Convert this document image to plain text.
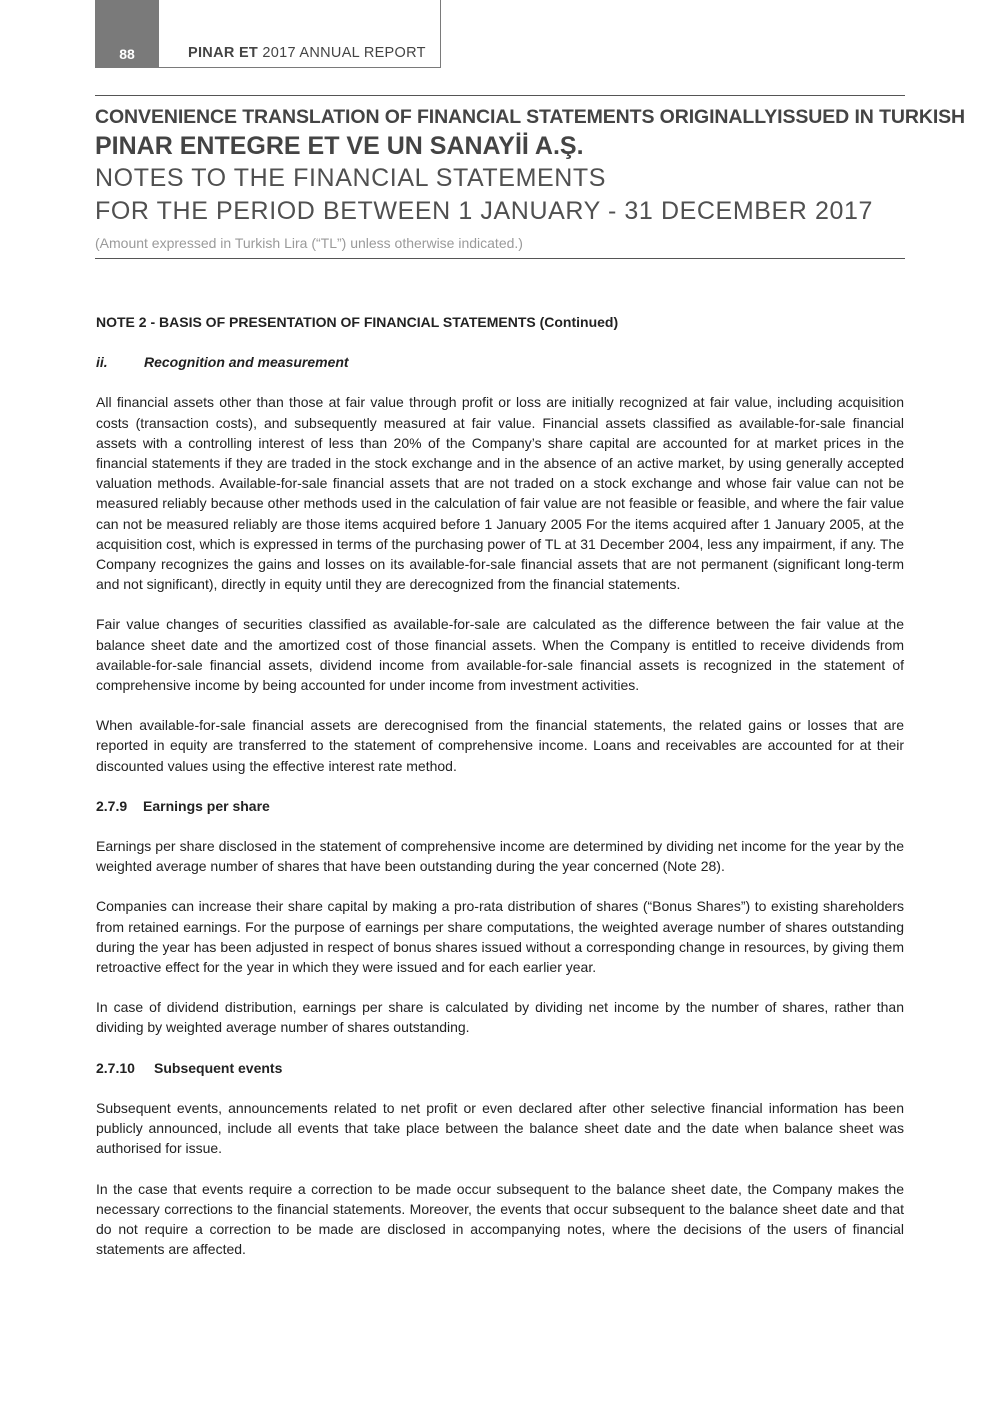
88	PINAR ET 2017 ANNUAL REPORT
CONVENIENCE TRANSLATION OF FINANCIAL STATEMENTS ORIGINALLYISSUED IN TURKISH
PINAR ENTEGRE ET VE UN SANAYİİ A.Ş.
NOTES TO THE FINANCIAL STATEMENTS
FOR THE PERIOD BETWEEN 1 JANUARY - 31 DECEMBER 2017
(Amount expressed in Turkish Lira (“TL”) unless otherwise indicated.)
NOTE 2 - BASIS OF PRESENTATION OF FINANCIAL STATEMENTS (Continued)
ii.	Recognition and measurement

All financial assets other than those at fair value through profit or loss are initially recognized at fair value, including acquisition costs (transaction costs), and subsequently measured at fair value. Financial assets classified as available-for-sale financial assets with a controlling interest of less than 20% of the Company’s share capital are accounted for at market prices in the financial statements if they are traded in the stock exchange and in the absence of an active market, by using generally accepted valuation methods. Available-for-sale financial assets that are not traded on a stock exchange and whose fair value can not be measured reliably because other methods used in the calculation of fair value are not feasible or feasible, and where the fair value can not be measured reliably are those items acquired before 1 January 2005 For the items acquired after 1 January 2005, at the acquisition cost, which is expressed in terms of the purchasing power of TL at 31 December 2004, less any impairment, if any. The Company recognizes the gains and losses on its available-for-sale financial assets that are not permanent (significant long-term and not significant), directly in equity until they are derecognized from the financial statements.

Fair value changes of securities classified as available-for-sale are calculated as the difference between the fair value at the balance sheet date and the amortized cost of those financial assets. When the Company is entitled to receive dividends from available-for-sale financial assets, dividend income from available-for-sale financial assets is recognized in the statement of comprehensive income by being accounted for under income from investment activities.

When available-for-sale financial assets are derecognised from the financial statements, the related gains or losses that are reported in equity are transferred to the statement of comprehensive income. Loans and receivables are accounted for at their discounted values using the effective interest rate method.

2.7.9 Earnings per share

Earnings per share disclosed in the statement of comprehensive income are determined by dividing net income for the year by the weighted average number of shares that have been outstanding during the year concerned (Note 28).

Companies can increase their share capital by making a pro-rata distribution of shares (“Bonus Shares”) to existing shareholders from retained earnings. For the purpose of earnings per share computations, the weighted average number of shares outstanding during the year has been adjusted in respect of bonus shares issued without a corresponding change in resources, by giving them retroactive effect for the year in which they were issued and for each earlier year.

In case of dividend distribution, earnings per share is calculated by dividing net income by the number of shares, rather than dividing by weighted average number of shares outstanding.

2.7.10 Subsequent events

Subsequent events, announcements related to net profit or even declared after other selective financial information has been publicly announced, include all events that take place between the balance sheet date and the date when balance sheet was authorised for issue.

In the case that events require a correction to be made occur subsequent to the balance sheet date, the Company makes the necessary corrections to the financial statements. Moreover, the events that occur subsequent to the balance sheet date and that do not require a correction to be made are disclosed in accompanying notes, where the decisions of the users of financial statements are affected.
